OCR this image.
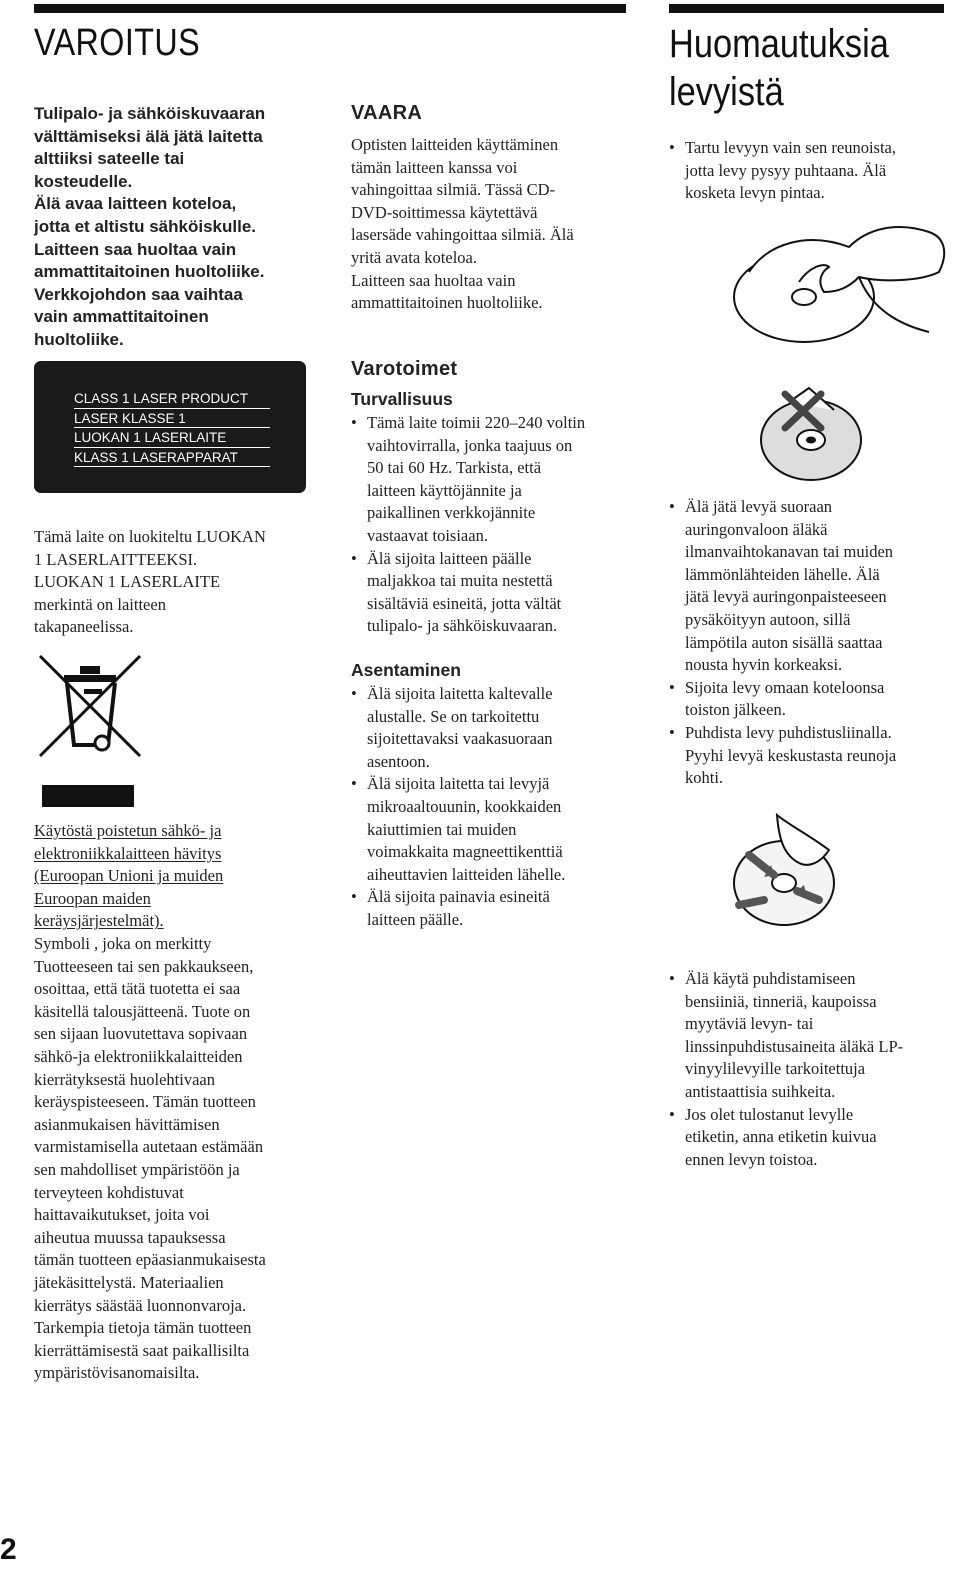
VAROITUS
Tulipalo- ja sähköiskuvaaran
välttämiseksi älä jätä laitetta
alttiiksi sateelle tai
kosteudelle.
Älä avaa laitteen koteloa,
jotta et altistu sähköiskulle.
Laitteen saa huoltaa vain
ammattitaitoinen huoltoliike.
Verkkojohdon saa vaihtaa
vain ammattitaitoinen
huoltoliike.
CLASS 1 LASER PRODUCT
LASER KLASSE 1
LUOKAN 1 LASERLAITE
KLASS 1 LASERAPPARAT
Tämä laite on luokiteltu LUOKAN
1 LASERLAITTEEKSI.
LUOKAN 1 LASERLAITE
merkintä on laitteen
takapaneelissa.
Käytöstä poistetun sähkö- ja
elektroniikkalaitteen hävitys
(Euroopan Unioni ja muiden
Euroopan maiden
keräysjärjestelmät).
Symboli , joka on merkitty
Tuotteeseen tai sen pakkaukseen,
osoittaa, että tätä tuotetta ei saa
käsitellä talousjätteenä. Tuote on
sen sijaan luovutettava sopivaan
sähkö-ja elektroniikkalaitteiden
kierrätyksestä huolehtivaan
keräyspisteeseen. Tämän tuotteen
asianmukaisen hävittämisen
varmistamisella autetaan estämään
sen mahdolliset ympäristöön ja
terveyteen kohdistuvat
haittavaikutukset, joita voi
aiheutua muussa tapauksessa
tämän tuotteen epäasianmukaisesta
jätekäsittelystä. Materiaalien
kierrätys säästää luonnonvaroja.
Tarkempia tietoja tämän tuotteen
kierrättämisestä saat paikallisilta
ympäristövisanomaisilta.
2
VAARA
Optisten laitteiden käyttäminen
tämän laitteen kanssa voi
vahingoittaa silmiä. Tässä CD-
DVD-soittimessa käytettävä
lasersäde vahingoittaa silmiä. Älä
yritä avata koteloa.
Laitteen saa huoltaa vain
ammattitaitoinen huoltoliike.
Varotoimet
Turvallisuus
• Tämä laite toimii 220–240 voltin
vaihtovirralla, jonka taajuus on
50 tai 60 Hz. Tarkista, että
laitteen käyttöjännite ja
paikallinen verkkojännite
vastaavat toisiaan.
• Älä sijoita laitteen päälle
maljakkoa tai muita nestettä
sisältäviä esineitä, jotta vältät
tulipalo- ja sähköiskuvaaran.
Asentaminen
• Älä sijoita laitetta kaltevalle
alustalle. Se on tarkoitettu
sijoitettavaksi vaakasuoraan
asentoon.
• Älä sijoita laitetta tai levyjä
mikroaaltouunin, kookkaiden
kaiuttimien tai muiden
voimakkaita magneettikenttiä
aiheuttavien laitteiden lähelle.
• Älä sijoita painavia esineitä
laitteen päälle.
Huomautuksia
levyistä
• Tartu levyyn vain sen reunoista,
jotta levy pysyy puhtaana. Älä
kosketa levyn pintaa.
• Älä jätä levyä suoraan
auringonvaloon äläkä
ilmanvaihtokanavan tai muiden
lämmönlähteiden lähelle. Älä
jätä levyä auringonpaisteeseen
pysäköityyn autoon, sillä
lämpötila auton sisällä saattaa
nousta hyvin korkeaksi.
• Sijoita levy omaan koteloonsa
toiston jälkeen.
• Puhdista levy puhdistusliinalla.
Pyyhi levyä keskustasta reunoja
kohti.
• Älä käytä puhdistamiseen
bensiiniä, tinneriä, kaupoissa
myytäviä levyn- tai
linssinpuhdistusaineita äläkä LP-
vinyylilevyille tarkoitettuja
antistaattisia suihkeita.
• Jos olet tulostanut levylle
etiketin, anna etiketin kuivua
ennen levyn toistoa.
